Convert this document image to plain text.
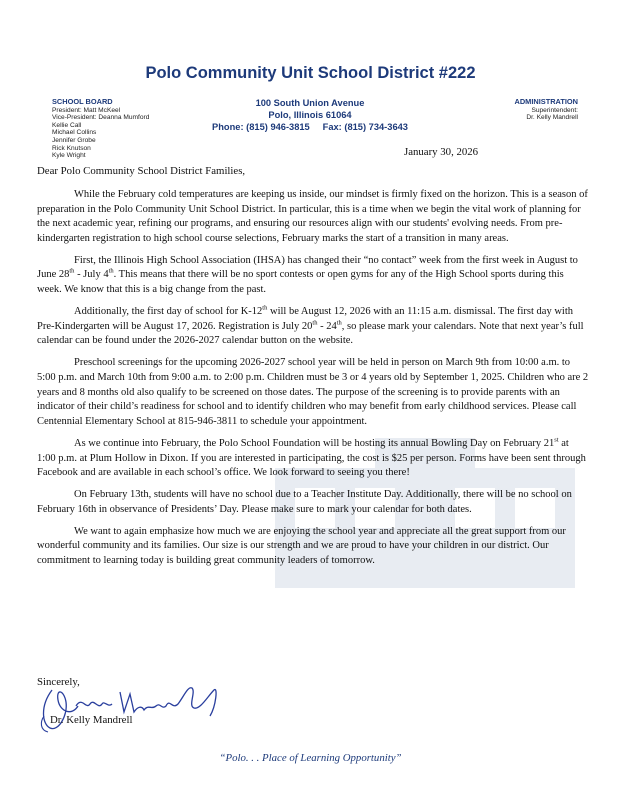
Polo Community Unit School District #222
SCHOOL BOARD
President: Matt McKeel
Vice-President: Deanna Mumford
Kellie Call
Michael Collins
Jennifer Grobe
Rick Knutson
Kyle Wright
100 South Union Avenue
Polo, Illinois 61064
Phone: (815) 946-3815 Fax: (815) 734-3643
ADMINISTRATION
Superintendent:
Dr. Kelly Mandrell
January 30, 2026
Dear Polo Community School District Families,

While the February cold temperatures are keeping us inside, our mindset is firmly fixed on the horizon. This is a season of preparation in the Polo Community Unit School District. In particular, this is a time when we begin the vital work of planning for the next academic year, refining our programs, and ensuring our resources align with our students' evolving needs. From pre-kindergarten registration to high school course selections, February marks the start of a transition in many areas.

First, the Illinois High School Association (IHSA) has changed their “no contact” week from the first week in August to June 28th - July 4th. This means that there will be no sport contests or open gyms for any of the High School sports during this week. We know that this is a big change from the past.

Additionally, the first day of school for K-12th will be August 12, 2026 with an 11:15 a.m. dismissal. The first day with Pre-Kindergarten will be August 17, 2026. Registration is July 20th - 24th, so please mark your calendars. Note that next year’s full calendar can be found under the 2026-2027 calendar button on the website.

Preschool screenings for the upcoming 2026-2027 school year will be held in person on March 9th from 10:00 a.m. to 5:00 p.m. and March 10th from 9:00 a.m. to 2:00 p.m. Children must be 3 or 4 years old by September 1, 2025. Children who are 2 years and 8 months old also qualify to be screened on those dates. The purpose of the screening is to provide parents with an indicator of their child’s readiness for school and to identify children who may benefit from early childhood services. Please call Centennial Elementary School at 815-946-3811 to schedule your appointment.

As we continue into February, the Polo School Foundation will be hosting its annual Bowling Day on February 21st at 1:00 p.m. at Plum Hollow in Dixon. If you are interested in participating, the cost is $25 per person. Forms have been sent through Facebook and are available in each school’s office. We look forward to seeing you there!

On February 13th, students will have no school due to a Teacher Institute Day. Additionally, there will be no school on February 16th in observance of Presidents’ Day. Please make sure to mark your calendar for both dates.

We want to again emphasize how much we are enjoying the school year and appreciate all the great support from our wonderful community and its families. Our size is our strength and we are proud to have your children in our district. Our commitment to learning today is building great community leaders of tomorrow.

Sincerely,
Dr. Kelly Mandrell
“Polo. . . Place of Learning Opportunity”
